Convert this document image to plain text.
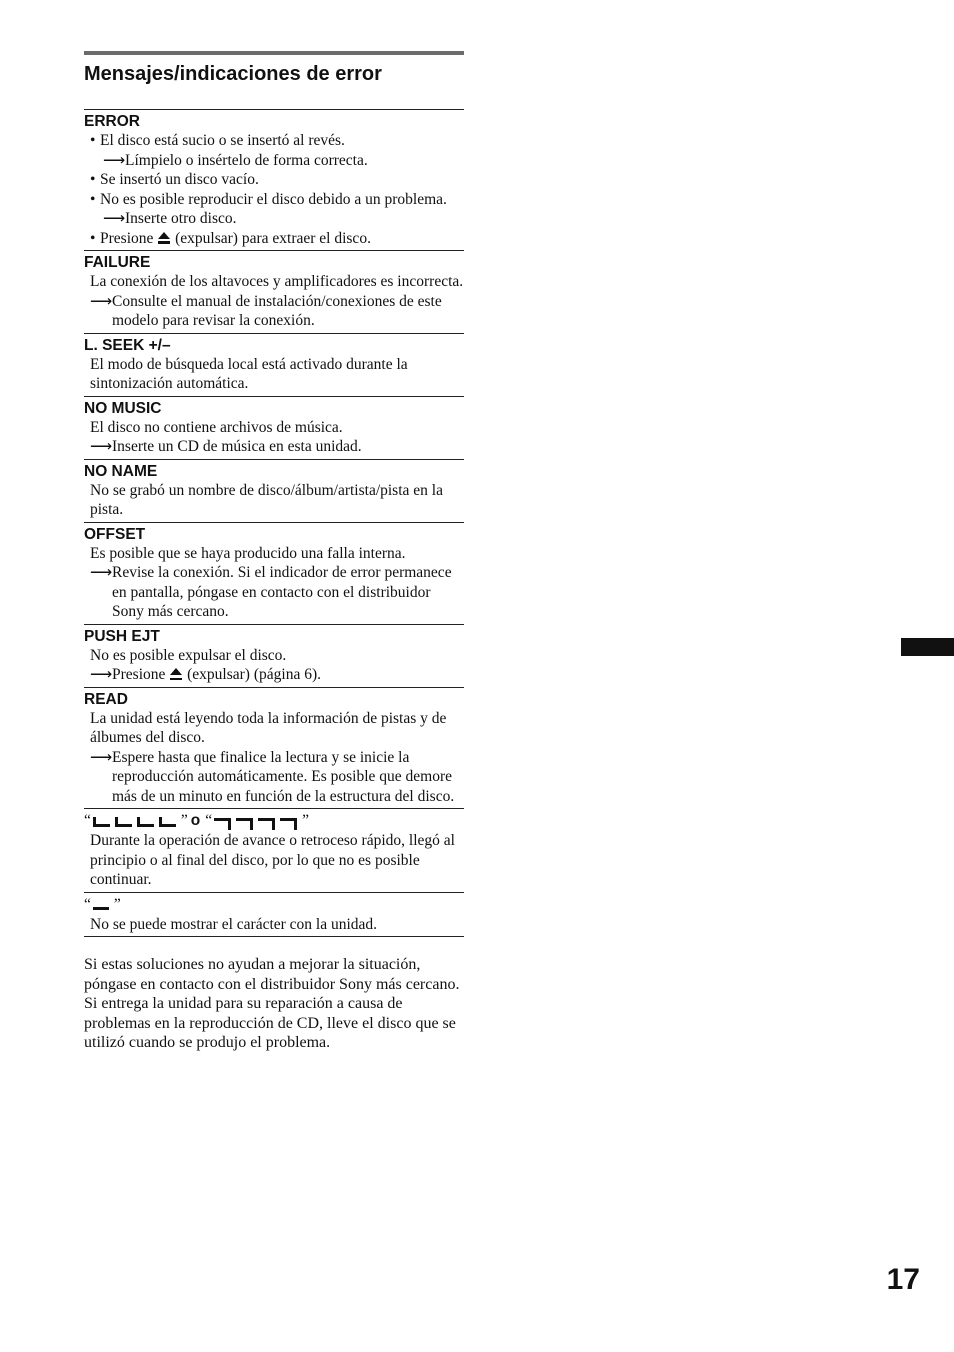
Mensajes/indicaciones de error
ERROR
• El disco está sucio o se insertó al revés.
⟶Límpielo o insértelo de forma correcta.
• Se insertó un disco vacío.
• No es posible reproducir el disco debido a un problema.
⟶Inserte otro disco.
• Presione (expulsar) para extraer el disco.
FAILURE
La conexión de los altavoces y amplificadores es incorrecta.
⟶Consulte el manual de instalación/conexiones de este modelo para revisar la conexión.
L. SEEK +/–
El modo de búsqueda local está activado durante la sintonización automática.
NO MUSIC
El disco no contiene archivos de música.
⟶Inserte un CD de música en esta unidad.
NO NAME
No se grabó un nombre de disco/álbum/artista/pista en la pista.
OFFSET
Es posible que se haya producido una falla interna.
⟶Revise la conexión. Si el indicador de error permanece en pantalla, póngase en contacto con el distribuidor Sony más cercano.
PUSH EJT
No es posible expulsar el disco.
⟶Presione (expulsar) (página 6).
READ
La unidad está leyendo toda la información de pistas y de álbumes del disco.
⟶Espere hasta que finalice la lectura y se inicie la reproducción automáticamente. Es posible que demore más de un minuto en función de la estructura del disco.
“	” o “	”
Durante la operación de avance o retroceso rápido, llegó al principio o al final del disco, por lo que no es posible continuar.
“ ”
No se puede mostrar el carácter con la unidad.

Si estas soluciones no ayudan a mejorar la situación, póngase en contacto con el distribuidor Sony más cercano.

Si entrega la unidad para su reparación a causa de problemas en la reproducción de CD, lleve el disco que se utilizó cuando se produjo el problema.

17
